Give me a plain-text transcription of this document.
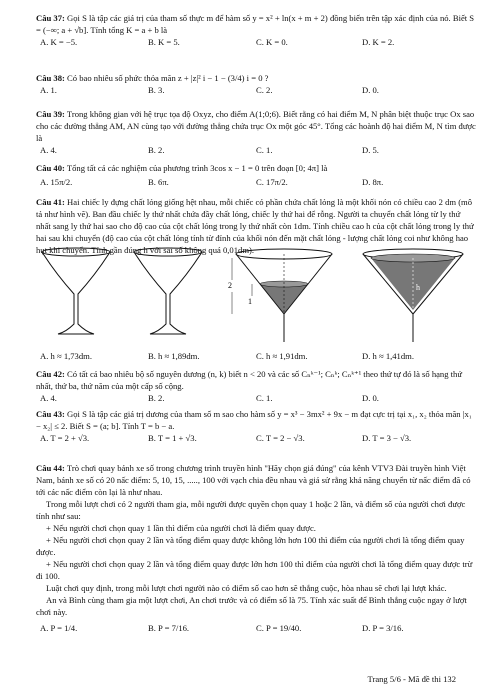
Câu 37: Gọi S là tập các giá trị của tham số thực m để hàm số y = x² + ln(x + m + 2) đồng biến trên tập xác định của nó. Biết S = (−∞; a + √b]. Tính tổng K = a + b là

A. K = −5.	B. K = 5.	C. K = 0.	D. K = 2.

Câu 38: Có bao nhiêu số phức thỏa mãn z + |z|² i − 1 − (3/4) i = 0 ?

A. 1.	B. 3.	C. 2.	D. 0.

Câu 39: Trong không gian với hệ trục tọa độ Oxyz, cho điểm A(1;0;6). Biết rằng có hai điểm M, N phân biệt thuộc trục Ox sao cho các đường thẳng AM, AN cùng tạo với đường thẳng chứa trục Ox một góc 45°. Tổng các hoành độ hai điểm M, N tìm được là

A. 4.	B. 2.	C. 1.	D. 5.

Câu 40: Tổng tất cả các nghiệm của phương trình 3cos x − 1 = 0 trên đoạn [0; 4π] là

A. 15π/2.	B. 6π.	C. 17π/2.	D. 8π.

Câu 41: Hai chiếc ly đựng chất lỏng giống hệt nhau, mỗi chiếc có phần chứa chất lỏng là một khối nón có chiều cao 2 dm (mô tả như hình vẽ). Ban đầu chiếc ly thứ nhất chứa đầy chất lỏng, chiếc ly thứ hai để rỗng. Người ta chuyển chất lỏng từ ly thứ nhất sang ly thứ hai sao cho độ cao của cột chất lỏng trong ly thứ nhất còn 1dm. Tính chiều cao h của cột chất lỏng trong ly thứ hai sau khi chuyển (độ cao của cột chất lỏng tính từ đỉnh của khối nón đến mặt chất lỏng - lượng chất lỏng coi như không hao hụt khi chuyển. Tính gần đúng h với sai số không quá 0,01dm).

2
1
h
A. h ≈ 1,73dm.	B. h ≈ 1,89dm.	C. h ≈ 1,91dm.	D. h ≈ 1,41dm.

Câu 42: Có tất cả bao nhiêu bộ số nguyên dương (n, k) biết n < 20 và các số Cₙᵏ⁻¹; Cₙᵏ; Cₙᵏ⁺¹ theo thứ tự đó là số hạng thứ nhất, thứ ba, thứ năm của một cấp số cộng.

A. 4.	B. 2.	C. 1.	D. 0.

Câu 43: Gọi S là tập các giá trị dương của tham số m sao cho hàm số y = x³ − 3mx² + 9x − m đạt cực trị tại x₁, x₂ thỏa mãn |x₁ − x₂| ≤ 2. Biết S = (a; b]. Tính T = b − a.

A. T = 2 + √3.	B. T = 1 + √3.	C. T = 2 − √3.	D. T = 3 − √3.

Câu 44: Trò chơi quay bánh xe số trong chương trình truyền hình "Hãy chọn giá đúng" của kênh VTV3 Đài truyền hình Việt Nam, bánh xe số có 20 nấc điểm: 5, 10, 15, ....., 100 với vạch chia đều nhau và giả sử rằng khả năng chuyển từ nấc điểm đã có tới các nấc điểm còn lại là như nhau.

Trong mỗi lượt chơi có 2 người tham gia, mỗi người được quyền chọn quay 1 hoặc 2 lần, và điểm số của người chơi được tính như sau:

+ Nếu người chơi chọn quay 1 lần thì điểm của người chơi là điểm quay được.

+ Nếu người chơi chọn quay 2 lần và tổng điểm quay được không lớn hơn 100 thì điểm của người chơi là tổng điểm quay được.

+ Nếu người chơi chọn quay 2 lần và tổng điểm quay được lớn hơn 100 thì điểm của người chơi là tổng điểm quay được trừ đi 100.

Luật chơi quy định, trong mỗi lượt chơi người nào có điểm số cao hơn sẽ thắng cuộc, hòa nhau sẽ chơi lại lượt khác.

An và Bình cùng tham gia một lượt chơi, An chơi trước và có điểm số là 75. Tính xác suất để Bình thắng cuộc ngay ở lượt chơi này.

A. P = 1/4.	B. P = 7/16.	C. P = 19/40.	D. P = 3/16.
Trang 5/6 - Mã đề thi 132
